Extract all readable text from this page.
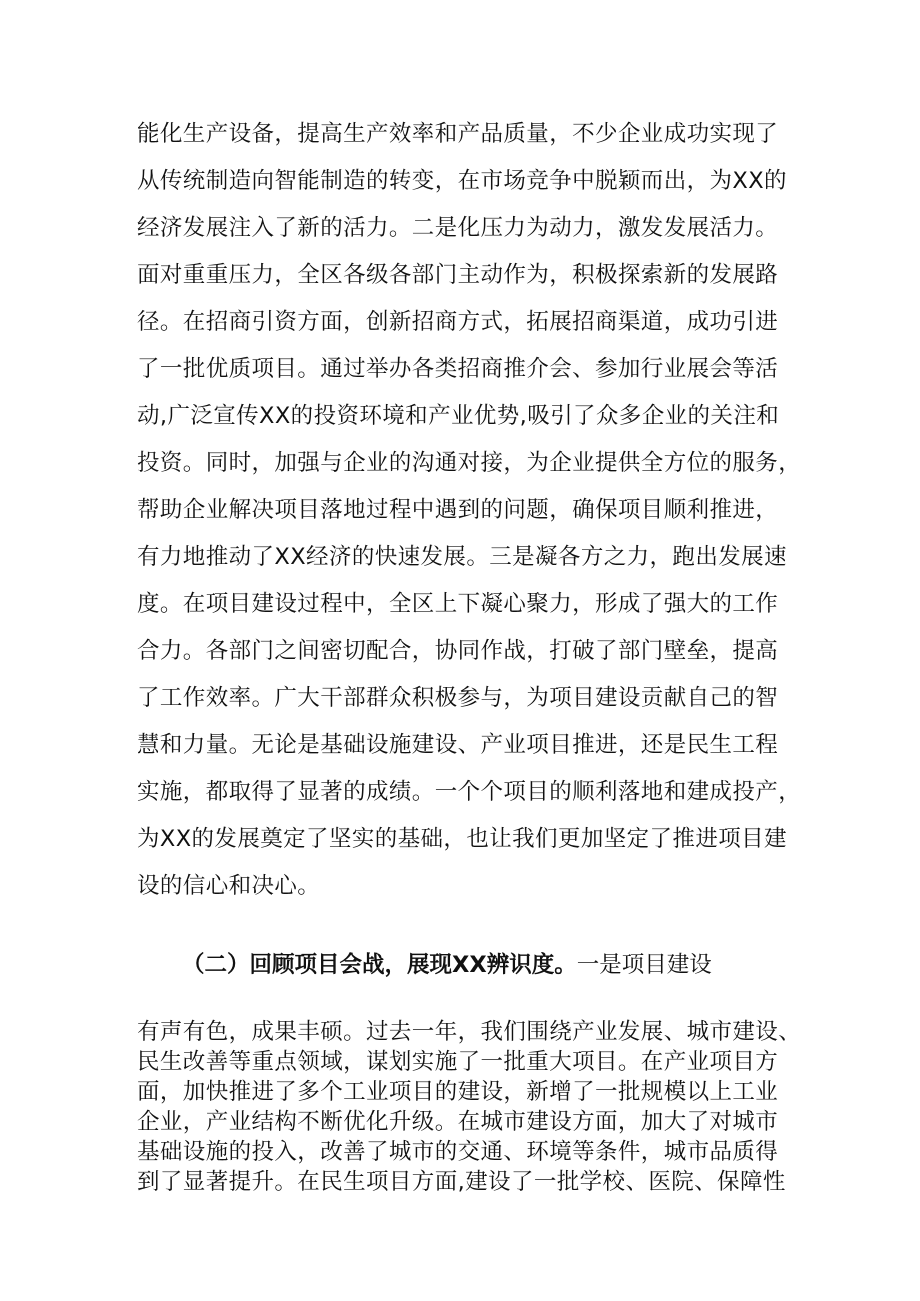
能化生产设备，提高生产效率和产品质量，不少企业成功实现了
从传统制造向智能制造的转变，在市场竞争中脱颖而出，为XX的
经济发展注入了新的活力。二是化压力为动力，激发发展活力。
面对重重压力，全区各级各部门主动作为，积极探索新的发展路
径。在招商引资方面，创新招商方式，拓展招商渠道，成功引进
了一批优质项目。通过举办各类招商推介会、参加行业展会等活
动,广泛宣传XX的投资环境和产业优势,吸引了众多企业的关注和
投资。同时，加强与企业的沟通对接，为企业提供全方位的服务，
帮助企业解决项目落地过程中遇到的问题，确保项目顺利推进，
有力地推动了XX经济的快速发展。三是凝各方之力，跑出发展速
度。在项目建设过程中，全区上下凝心聚力，形成了强大的工作
合力。各部门之间密切配合，协同作战，打破了部门壁垒，提高
了工作效率。广大干部群众积极参与，为项目建设贡献自己的智
慧和力量。无论是基础设施建设、产业项目推进，还是民生工程
实施，都取得了显著的成绩。一个个项目的顺利落地和建成投产，
为XX的发展奠定了坚实的基础，也让我们更加坚定了推进项目建
设的信心和决心。
（二）回顾项目会战，展现XX辨识度。一是项目建设
有声有色，成果丰硕。过去一年，我们围绕产业发展、城市建设、
民生改善等重点领域，谋划实施了一批重大项目。在产业项目方
面，加快推进了多个工业项目的建设，新增了一批规模以上工业
企业，产业结构不断优化升级。在城市建设方面，加大了对城市
基础设施的投入，改善了城市的交通、环境等条件，城市品质得
到了显著提升。在民生项目方面,建设了一批学校、医院、保障性
